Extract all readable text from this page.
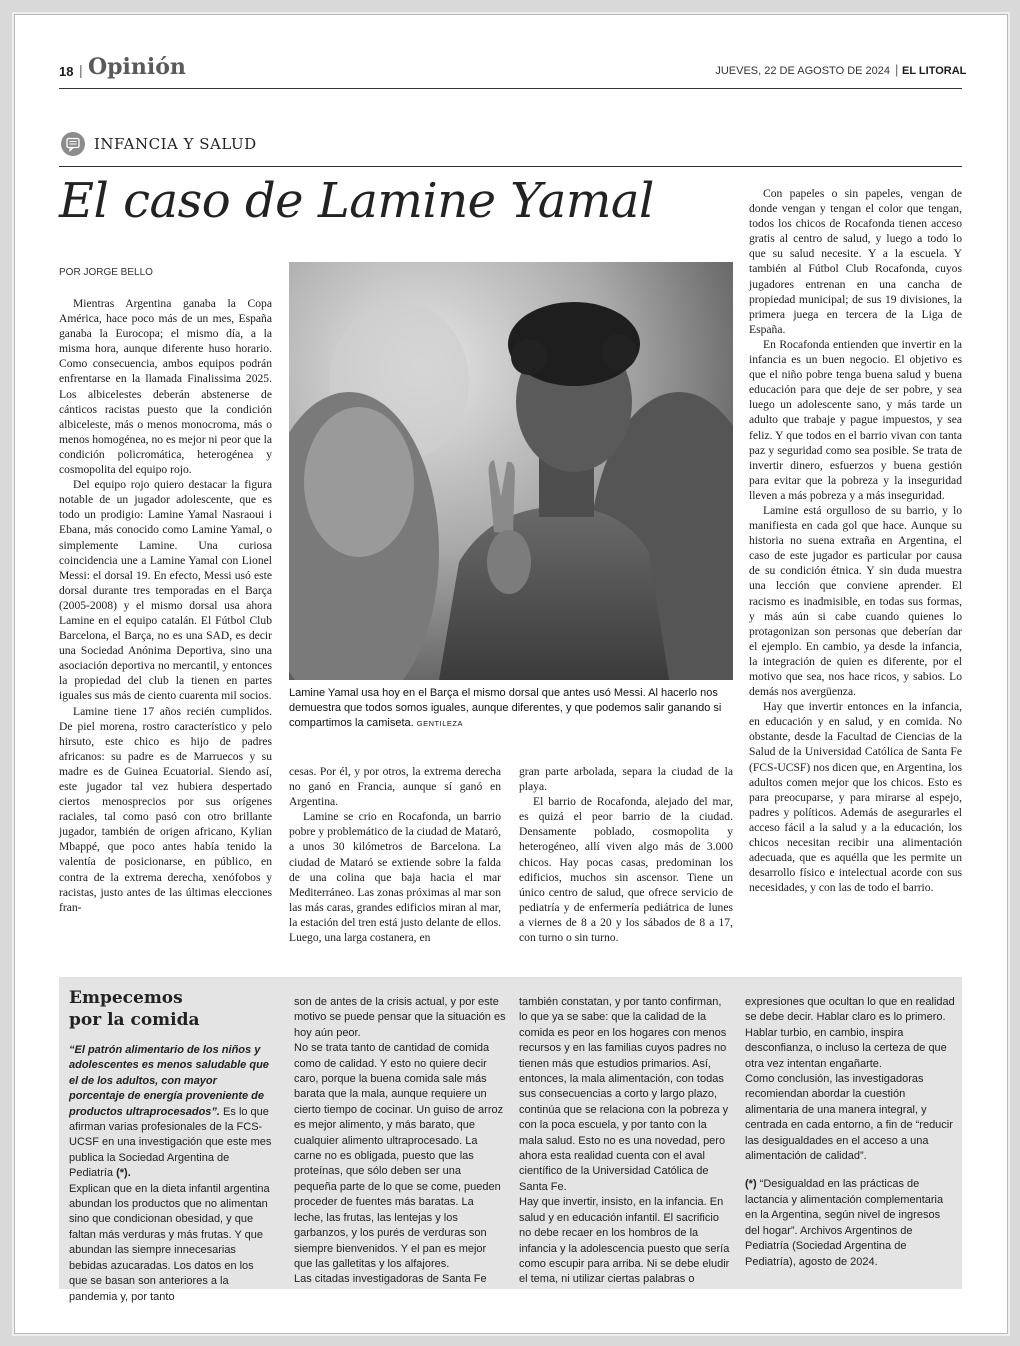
18 | Opinión	JUEVES, 22 DE AGOSTO DE 2024 | EL LITORAL
INFANCIA Y SALUD
El caso de Lamine Yamal
POR JORGE BELLO

Mientras Argentina ganaba la Copa América, hace poco más de un mes, España ganaba la Eurocopa; el mismo día, a la misma hora, aunque diferente huso horario. Como consecuencia, ambos equipos podrán enfrentarse en la llamada Finalissima 2025. Los albicelestes deberán abstenerse de cánticos racistas puesto que la condición albiceleste, más o menos monocroma, más o menos homogénea, no es mejor ni peor que la condición policromática, heterogénea y cosmopolita del equipo rojo.

Del equipo rojo quiero destacar la figura notable de un jugador adolescente, que es todo un prodigio: Lamine Yamal Nasraoui i Ebana, más conocido como Lamine Yamal, o simplemente Lamine. Una curiosa coincidencia une a Lamine Yamal con Lionel Messi: el dorsal 19. En efecto, Messi usó este dorsal durante tres temporadas en el Barça (2005-2008) y el mismo dorsal usa ahora Lamine en el equipo catalán. El Fútbol Club Barcelona, el Barça, no es una SAD, es decir una Sociedad Anónima Deportiva, sino una asociación deportiva no mercantil, y entonces la propiedad del club la tienen en partes iguales sus más de ciento cuarenta mil socios.

Lamine tiene 17 años recién cumplidos. De piel morena, rostro característico y pelo hirsuto, este chico es hijo de padres africanos: su padre es de Marruecos y su madre es de Guinea Ecuatorial. Siendo así, este jugador tal vez hubiera despertado ciertos menosprecios por sus orígenes raciales, tal como pasó con otro brillante jugador, también de origen africano, Kylian Mbappé, que poco antes había tenido la valentía de posicionarse, en público, en contra de la extrema derecha, xenófobos y racistas, justo antes de las últimas elecciones fran-

Lamine Yamal usa hoy en el Barça el mismo dorsal que antes usó Messi. Al hacerlo nos demuestra que todos somos iguales, aunque diferentes, y que podemos salir ganando si compartimos la camiseta. GENTILEZA

cesas. Por él, y por otros, la extrema derecha no ganó en Francia, aunque sí ganó en Argentina.

Lamine se crio en Rocafonda, un barrio pobre y problemático de la ciudad de Mataró, a unos 30 kilómetros de Barcelona. La ciudad de Mataró se extiende sobre la falda de una colina que baja hacia el mar Mediterráneo. Las zonas próximas al mar son las más caras, grandes edificios miran al mar, la estación del tren está justo delante de ellos. Luego, una larga costanera, en

gran parte arbolada, separa la ciudad de la playa.

El barrio de Rocafonda, alejado del mar, es quizá el peor barrio de la ciudad. Densamente poblado, cosmopolita y heterogéneo, allí viven algo más de 3.000 chicos. Hay pocas casas, predominan los edificios, muchos sin ascensor. Tiene un único centro de salud, que ofrece servicio de pediatría y de enfermería pediátrica de lunes a viernes de 8 a 20 y los sábados de 8 a 17, con turno o sin turno.

Con papeles o sin papeles, vengan de donde vengan y tengan el color que tengan, todos los chicos de Rocafonda tienen acceso gratis al centro de salud, y luego a todo lo que su salud necesite. Y a la escuela. Y también al Fútbol Club Rocafonda, cuyos jugadores entrenan en una cancha de propiedad municipal; de sus 19 divisiones, la primera juega en tercera de la Liga de España.

En Rocafonda entienden que invertir en la infancia es un buen negocio. El objetivo es que el niño pobre tenga buena salud y buena educación para que deje de ser pobre, y sea luego un adolescente sano, y más tarde un adulto que trabaje y pague impuestos, y sea feliz. Y que todos en el barrio vivan con tanta paz y seguridad como sea posible. Se trata de invertir dinero, esfuerzos y buena gestión para evitar que la pobreza y la inseguridad lleven a más pobreza y a más inseguridad.

Lamine está orgulloso de su barrio, y lo manifiesta en cada gol que hace. Aunque su historia no suena extraña en Argentina, el caso de este jugador es particular por causa de su condición étnica. Y sin duda muestra una lección que conviene aprender. El racismo es inadmisible, en todas sus formas, y más aún si cabe cuando quienes lo protagonizan son personas que deberían dar el ejemplo. En cambio, ya desde la infancia, la integración de quien es diferente, por el motivo que sea, nos hace ricos, y sabios. Lo demás nos avergüenza.

Hay que invertir entonces en la infancia, en educación y en salud, y en comida. No obstante, desde la Facultad de Ciencias de la Salud de la Universidad Católica de Santa Fe (FCS-UCSF) nos dicen que, en Argentina, los adultos comen mejor que los chicos. Esto es para preocuparse, y para mirarse al espejo, padres y políticos. Además de asegurarles el acceso fácil a la salud y a la educación, los chicos necesitan recibir una alimentación adecuada, que es aquélla que les permite un desarrollo físico e intelectual acorde con sus necesidades, y con las de todo el barrio.

Empecemos
por la comida

“El patrón alimentario de los niños y adolescentes es menos saludable que el de los adultos, con mayor porcentaje de energía proveniente de productos ultraprocesados”. Es lo que afirman varias profesionales de la FCS-UCSF en una investigación que este mes publica la Sociedad Argentina de Pediatría (*).

Explican que en la dieta infantil argentina abundan los productos que no alimentan sino que condicionan obesidad, y que faltan más verduras y más frutas. Y que abundan las siempre innecesarias bebidas azucaradas. Los datos en los que se basan son anteriores a la pandemia y, por tanto

son de antes de la crisis actual, y por este motivo se puede pensar que la situación es hoy aún peor.

No se trata tanto de cantidad de comida como de calidad. Y esto no quiere decir caro, porque la buena comida sale más barata que la mala, aunque requiere un cierto tiempo de cocinar. Un guiso de arroz es mejor alimento, y más barato, que cualquier alimento ultraprocesado. La carne no es obligada, puesto que las proteínas, que sólo deben ser una pequeña parte de lo que se come, pueden proceder de fuentes más baratas. La leche, las frutas, las lentejas y los garbanzos, y los purés de verduras son siempre bienvenidos. Y el pan es mejor que las galletitas y los alfajores.

Las citadas investigadoras de Santa Fe

también constatan, y por tanto confirman, lo que ya se sabe: que la calidad de la comida es peor en los hogares con menos recursos y en las familias cuyos padres no tienen más que estudios primarios. Así, entonces, la mala alimentación, con todas sus consecuencias a corto y largo plazo, continúa que se relaciona con la pobreza y con la poca escuela, y por tanto con la mala salud. Esto no es una novedad, pero ahora esta realidad cuenta con el aval científico de la Universidad Católica de Santa Fe.

Hay que invertir, insisto, en la infancia. En salud y en educación infantil. El sacrificio no debe recaer en los hombros de la infancia y la adolescencia puesto que sería como escupir para arriba. Ni se debe eludir el tema, ni utilizar ciertas palabras o

expresiones que ocultan lo que en realidad se debe decir. Hablar claro es lo primero. Hablar turbio, en cambio, inspira desconfianza, o incluso la certeza de que otra vez intentan engañarte.

Como conclusión, las investigadoras recomiendan abordar la cuestión alimentaria de una manera integral, y centrada en cada entorno, a fin de “reducir las desigualdades en el acceso a una alimentación de calidad”.

(*) “Desigualdad en las prácticas de lactancia y alimentación complementaria en la Argentina, según nivel de ingresos del hogar”. Archivos Argentinos de Pediatría (Sociedad Argentina de Pediatría), agosto de 2024.
